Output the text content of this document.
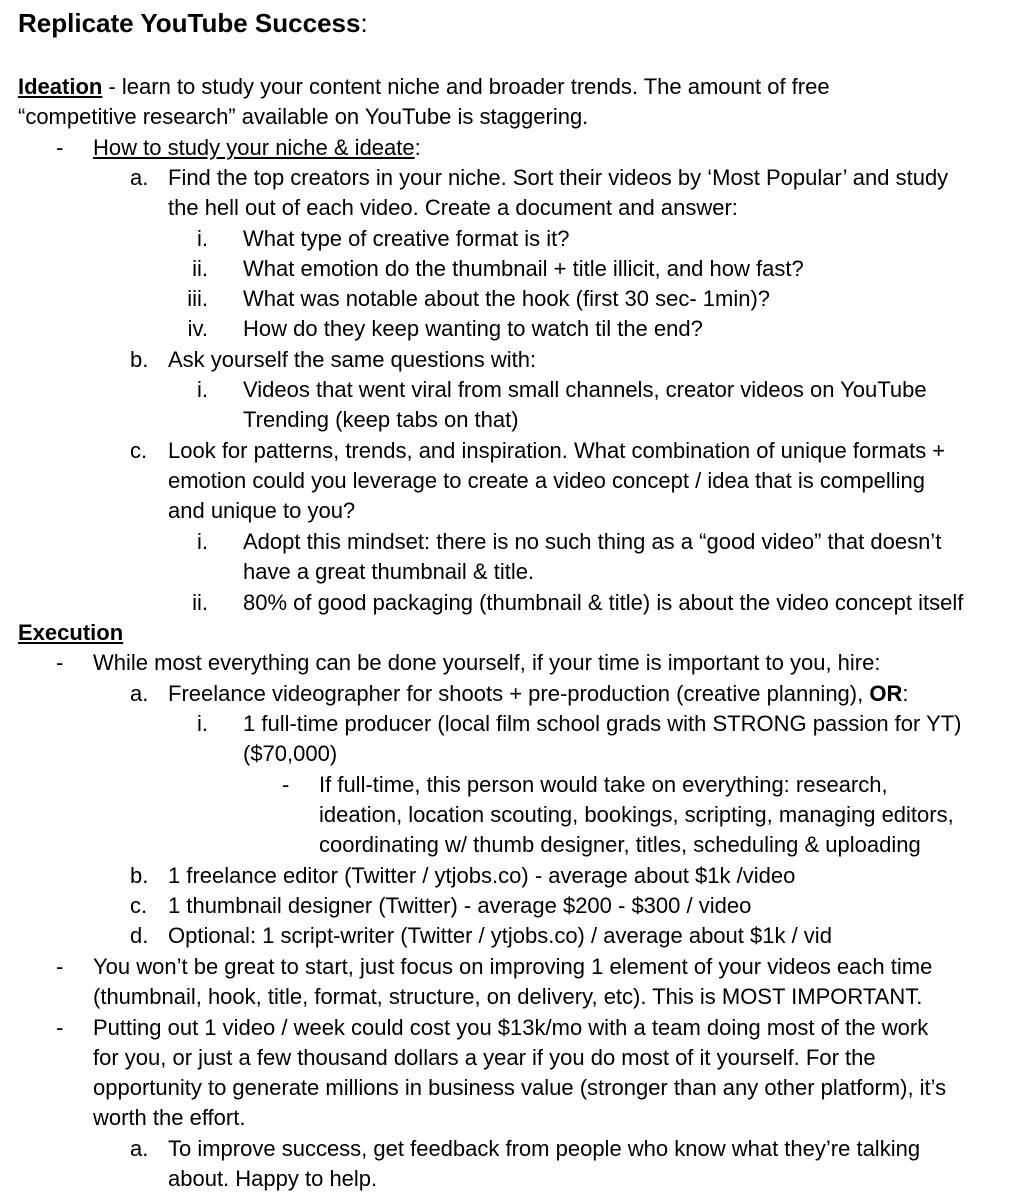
Replicate YouTube Success:
Ideation - learn to study your content niche and broader trends. The amount of free
“competitive research” available on YouTube is staggering.
- How to study your niche & ideate:
a. Find the top creators in your niche. Sort their videos by ‘Most Popular’ and study
the hell out of each video. Create a document and answer:
i. What type of creative format is it?
ii. What emotion do the thumbnail + title illicit, and how fast?
iii. What was notable about the hook (first 30 sec- 1min)?
iv. How do they keep wanting to watch til the end?
b. Ask yourself the same questions with:
i. Videos that went viral from small channels, creator videos on YouTube
Trending (keep tabs on that)
c. Look for patterns, trends, and inspiration. What combination of unique formats +
emotion could you leverage to create a video concept / idea that is compelling
and unique to you?
i. Adopt this mindset: there is no such thing as a “good video” that doesn’t
have a great thumbnail & title.
ii. 80% of good packaging (thumbnail & title) is about the video concept itself
Execution
- While most everything can be done yourself, if your time is important to you, hire:
a. Freelance videographer for shoots + pre-production (creative planning), OR:
i. 1 full-time producer (local film school grads with STRONG passion for YT)
($70,000)
- If full-time, this person would take on everything: research,
ideation, location scouting, bookings, scripting, managing editors,
coordinating w/ thumb designer, titles, scheduling & uploading
b. 1 freelance editor (Twitter / ytjobs.co) - average about $1k /video
c. 1 thumbnail designer (Twitter) - average $200 - $300 / video
d. Optional: 1 script-writer (Twitter / ytjobs.co) / average about $1k / vid
- You won’t be great to start, just focus on improving 1 element of your videos each time
(thumbnail, hook, title, format, structure, on delivery, etc). This is MOST IMPORTANT.
- Putting out 1 video / week could cost you $13k/mo with a team doing most of the work
for you, or just a few thousand dollars a year if you do most of it yourself. For the
opportunity to generate millions in business value (stronger than any other platform), it’s
worth the effort.
a. To improve success, get feedback from people who know what they’re talking
about. Happy to help.
